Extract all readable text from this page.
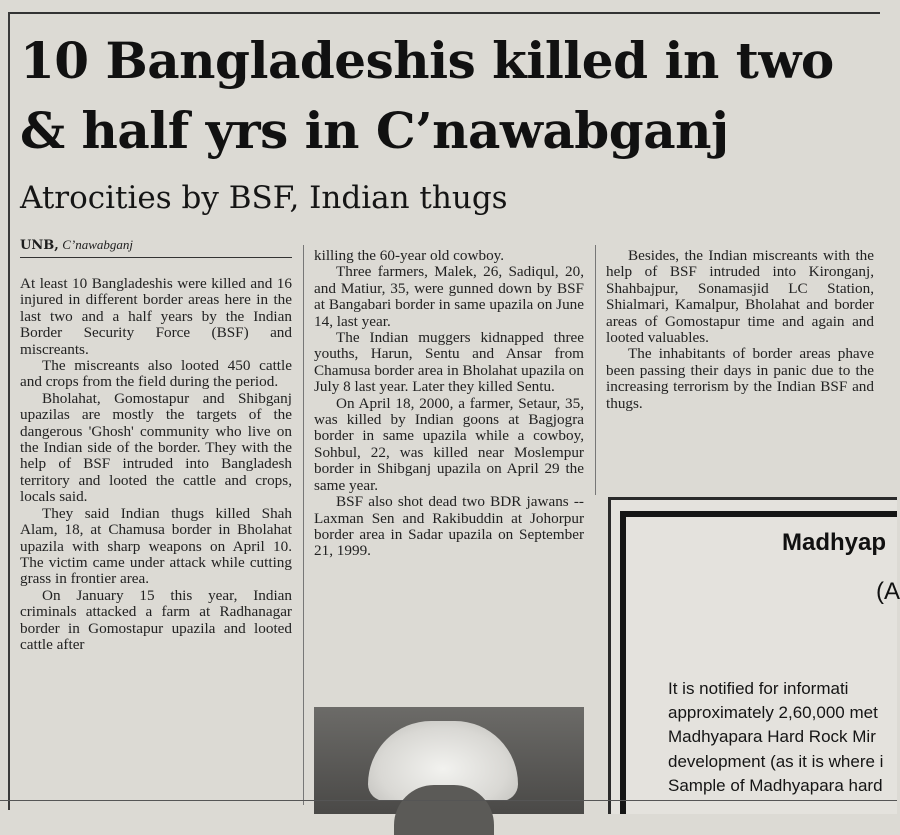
10 Bangladeshis killed in two & half yrs in C’nawabganj
Atrocities by BSF, Indian thugs
UNB, C’nawabganj

At least 10 Bangladeshis were killed and 16 injured in different border areas here in the last two and a half years by the Indian Border Security Force (BSF) and miscreants.

The miscreants also looted 450 cattle and crops from the field during the period.

Bholahat, Gomostapur and Shibganj upazilas are mostly the targets of the dangerous 'Ghosh' community who live on the Indian side of the border. They with the help of BSF intruded into Bangladesh territory and looted the cattle and crops, locals said.

They said Indian thugs killed Shah Alam, 18, at Chamusa border in Bholahat upazila with sharp weapons on April 10. The victim came under attack while cutting grass in frontier area.

On January 15 this year, Indian criminals attacked a farm at Radhanagar border in Gomostapur upazila and looted cattle after

killing the 60-year old cowboy.

Three farmers, Malek, 26, Sadiqul, 20, and Matiur, 35, were gunned down by BSF at Bangabari border in same upazila on June 14, last year.

The Indian muggers kidnapped three youths, Harun, Sentu and Ansar from Chamusa border area in Bholahat upazila on July 8 last year. Later they killed Sentu.

On April 18, 2000, a farmer, Setaur, 35, was killed by Indian goons at Bagjogra border in same upazila while a cowboy, Sohbul, 22, was killed near Moslempur border in Shibganj upazila on April 29 the same year.

BSF also shot dead two BDR jawans -- Laxman Sen and Rakibuddin at Johorpur border area in Sadar upazila on September 21, 1999.

Besides, the Indian miscreants with the help of BSF intruded into Kironganj, Shahbajpur, Sonamasjid LC Station, Shialmari, Kamalpur, Bholahat and border areas of Gomostapur time and again and looted valuables.

The inhabitants of border areas phave been passing their days in panic due to the increasing terrorism by the Indian BSF and thugs.

Madhyap
(A
It is notified for informati
approximately 2,60,000 met
Madhyapara Hard Rock Mir
development (as it is where i
Sample of Madhyapara hard
